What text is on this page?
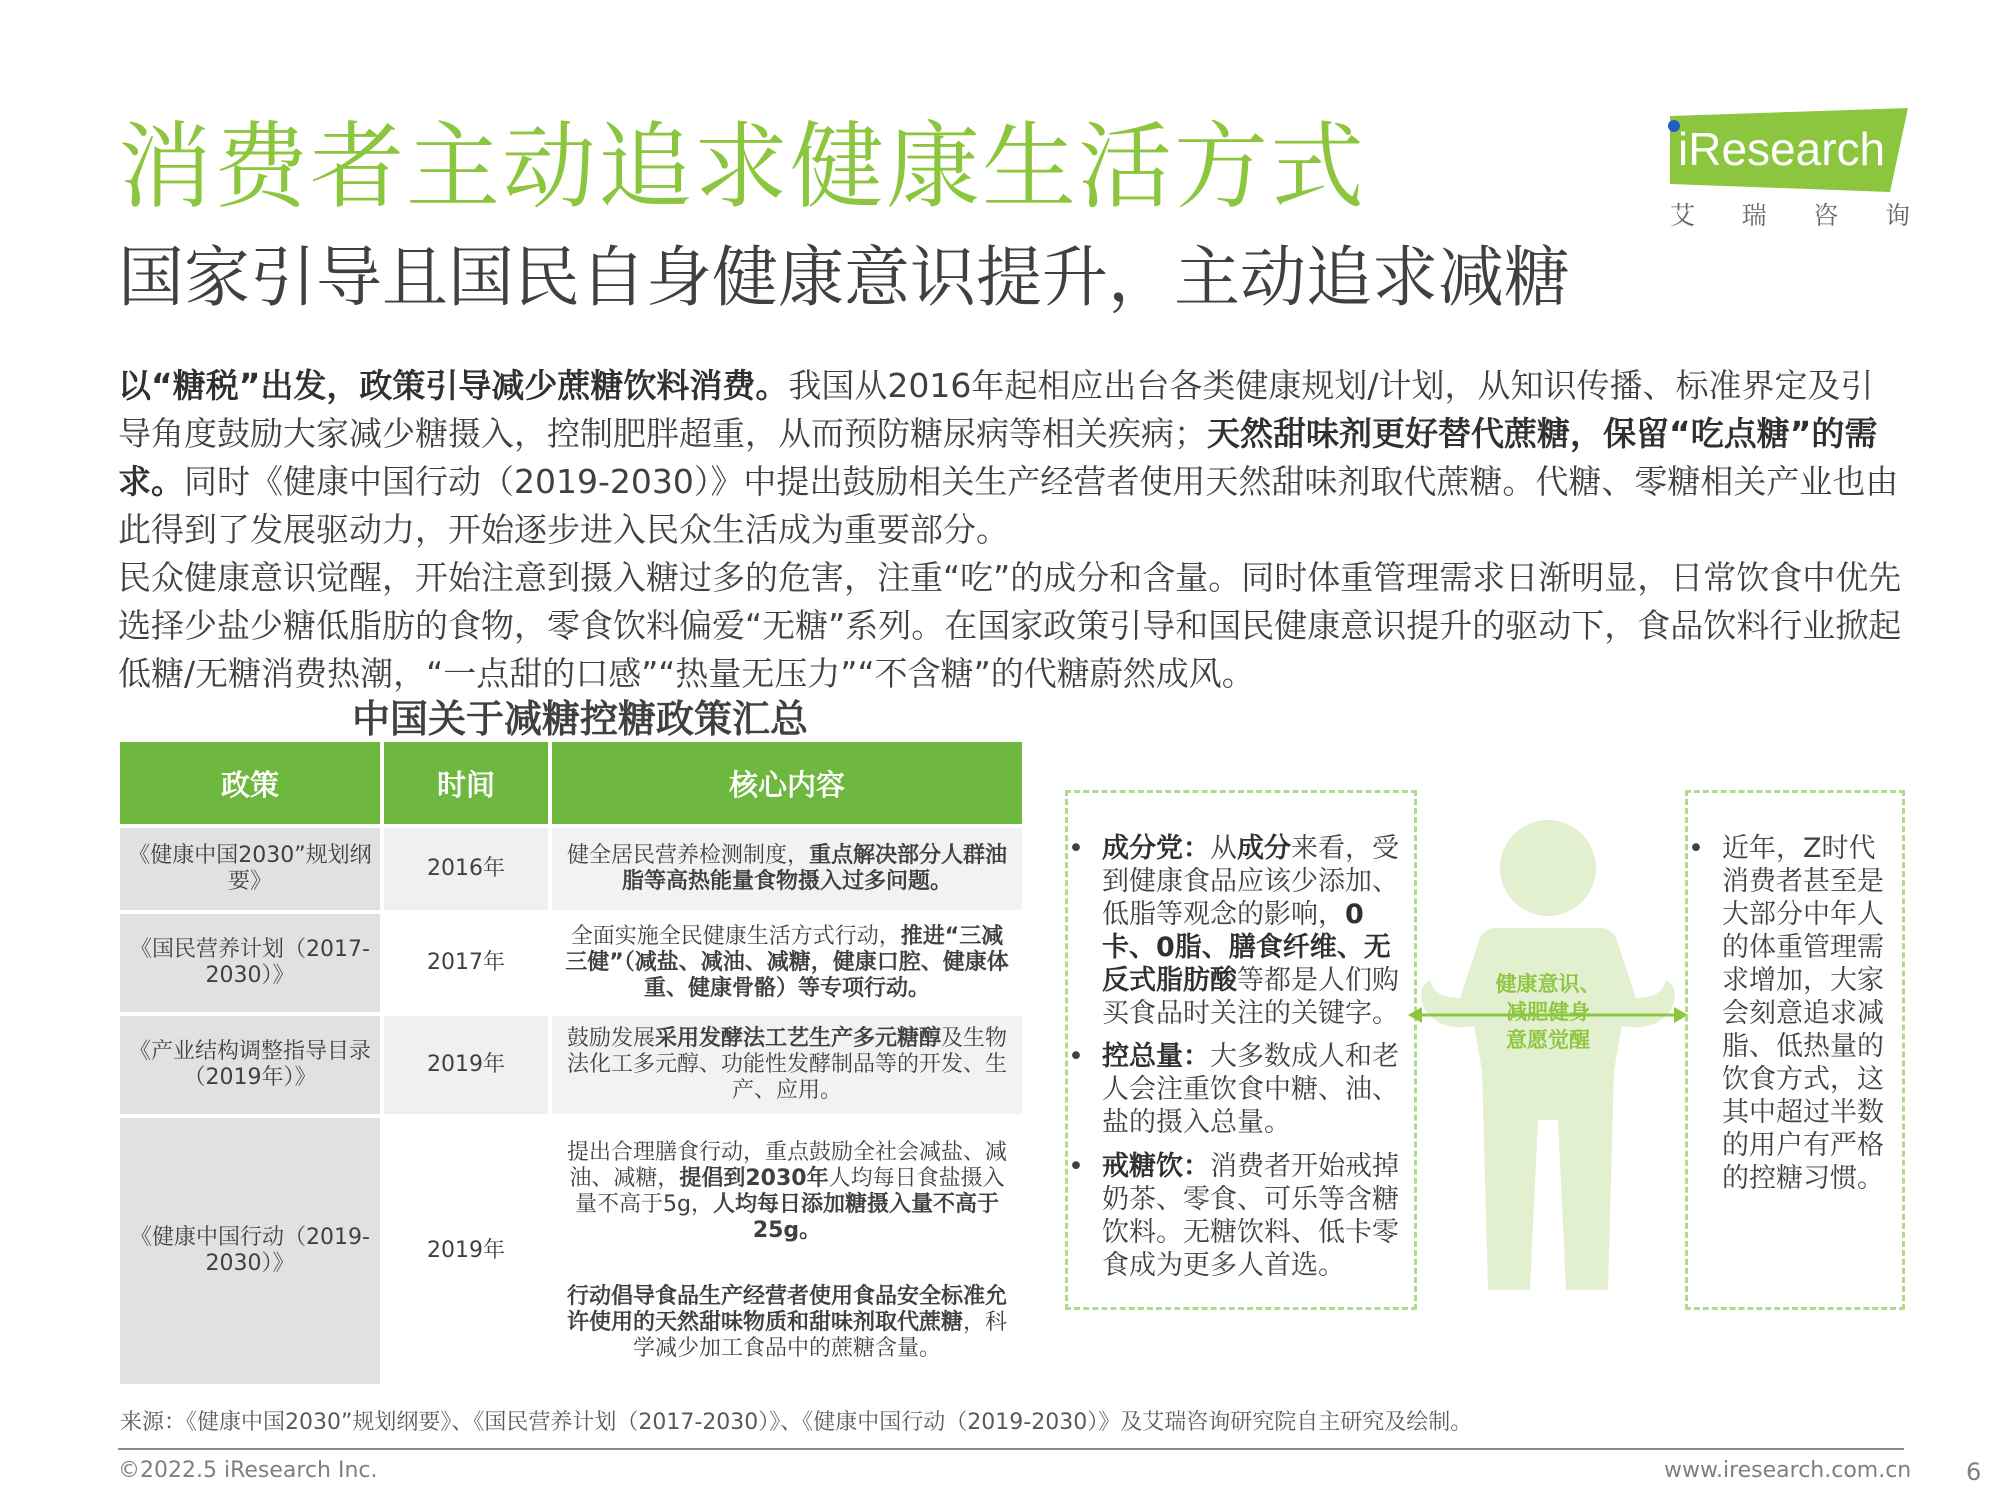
消费者主动追求健康生活方式
国家引导且国民自身健康意识提升，主动追求减糖
iResearch
艾 瑞 咨 询

以“糖税”出发，政策引导减少蔗糖饮料消费。我国从2016年起相应出台各类健康规划/计划，从知识传播、标准界定及引导角度鼓励大家减少糖摄入，控制肥胖超重，从而预防糖尿病等相关疾病；天然甜味剂更好替代蔗糖，保留“吃点糖”的需求。同时《健康中国行动（2019-2030）》中提出鼓励相关生产经营者使用天然甜味剂取代蔗糖。代糖、零糖相关产业也由此得到了发展驱动力，开始逐步进入民众生活成为重要部分。

民众健康意识觉醒，开始注意到摄入糖过多的危害，注重“吃”的成分和含量。同时体重管理需求日渐明显，日常饮食中优先选择少盐少糖低脂肪的食物，零食饮料偏爱“无糖”系列。在国家政策引导和国民健康意识提升的驱动下，食品饮料行业掀起低糖/无糖消费热潮，“一点甜的口感”“热量无压力”“不含糖”的代糖蔚然成风。

中国关于减糖控糖政策汇总
政策	时间	核心内容
《健康中国2030”规划纲要》	2016年	健全居民营养检测制度，重点解决部分人群油脂等高热能量食物摄入过多问题。
《国民营养计划（2017-2030）》	2017年	全面实施全民健康生活方式行动，推进“三减三健”（减盐、减油、减糖，健康口腔、健康体重、健康骨骼）等专项行动。
《产业结构调整指导目录（2019年）》	2019年	鼓励发展采用发酵法工艺生产多元糖醇及生物法化工多元醇、功能性发酵制品等的开发、生产、应用。
《健康中国行动（2019-2030）》	2019年	提出合理膳食行动，重点鼓励全社会减盐、减油、减糖，提倡到2030年人均每日食盐摄入量不高于5g，人均每日添加糖摄入量不高于25g。
行动倡导食品生产经营者使用食品安全标准允许使用的天然甜味物质和甜味剂取代蔗糖，科学减少加工食品中的蔗糖含量。
• 成分党：从成分来看，受到健康食品应该少添加、低脂等观念的影响，0卡、0脂、膳食纤维、无反式脂肪酸等都是人们购买食品时关注的关键字。
• 控总量：大多数成人和老人会注重饮食中糖、油、盐的摄入总量。
• 戒糖饮：消费者开始戒掉奶茶、零食、可乐等含糖饮料。无糖饮料、低卡零食成为更多人首选。
健康意识、
减肥健身
意愿觉醒
• 近年，Z时代消费者甚至是大部分中年人的体重管理需求增加，大家会刻意追求减脂、低热量的饮食方式，这其中超过半数的用户有严格的控糖习惯。
来源：《健康中国2030”规划纲要》、《国民营养计划（2017-2030）》、《健康中国行动（2019-2030）》及艾瑞咨询研究院自主研究及绘制。
©2022.5 iResearch Inc.	www.iresearch.com.cn 6
